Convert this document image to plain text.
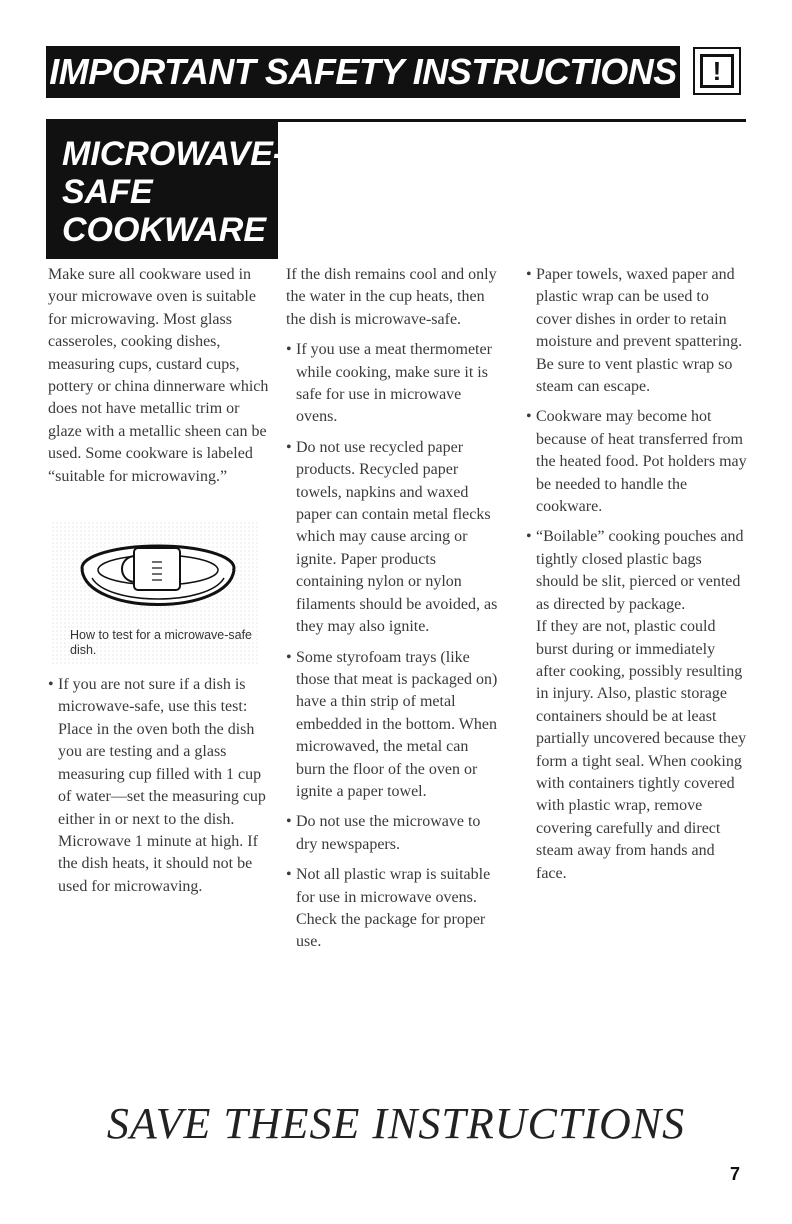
IMPORTANT SAFETY INSTRUCTIONS	!
MICROWAVE-SAFE COOKWARE

Make sure all cookware used in your microwave oven is suitable for microwaving. Most glass casseroles, cooking dishes, measuring cups, custard cups, pottery or china dinnerware which does not have metallic trim or glaze with a metallic sheen can be used. Some cookware is labeled “suitable for microwaving.”

How to test for a microwave-safe dish.
• If you are not sure if a dish is microwave-safe, use this test: Place in the oven both the dish you are testing and a glass measuring cup filled with 1 cup of water—set the measuring cup either in or next to the dish. Microwave 1 minute at high. If the dish heats, it should not be used for microwaving.

If the dish remains cool and only the water in the cup heats, then the dish is microwave-safe.

• If you use a meat thermometer while cooking, make sure it is safe for use in microwave ovens.
• Do not use recycled paper products. Recycled paper towels, napkins and waxed paper can contain metal flecks which may cause arcing or ignite. Paper products containing nylon or nylon filaments should be avoided, as they may also ignite.
• Some styrofoam trays (like those that meat is packaged on) have a thin strip of metal embedded in the bottom. When microwaved, the metal can burn the floor of the oven or ignite a paper towel.
• Do not use the microwave to dry newspapers.
• Not all plastic wrap is suitable for use in microwave ovens. Check the package for proper use.
• Paper towels, waxed paper and plastic wrap can be used to cover dishes in order to retain moisture and prevent spattering. Be sure to vent plastic wrap so steam can escape.
• Cookware may become hot because of heat transferred from the heated food. Pot holders may be needed to handle the cookware.
• “Boilable” cooking pouches and tightly closed plastic bags should be slit, pierced or vented as directed by package.

If they are not, plastic could burst during or immediately after cooking, possibly resulting in injury. Also, plastic storage containers should be at least partially uncovered because they form a tight seal. When cooking with containers tightly covered with plastic wrap, remove covering carefully and direct steam away from hands and face.

SAVE THESE INSTRUCTIONS
7
